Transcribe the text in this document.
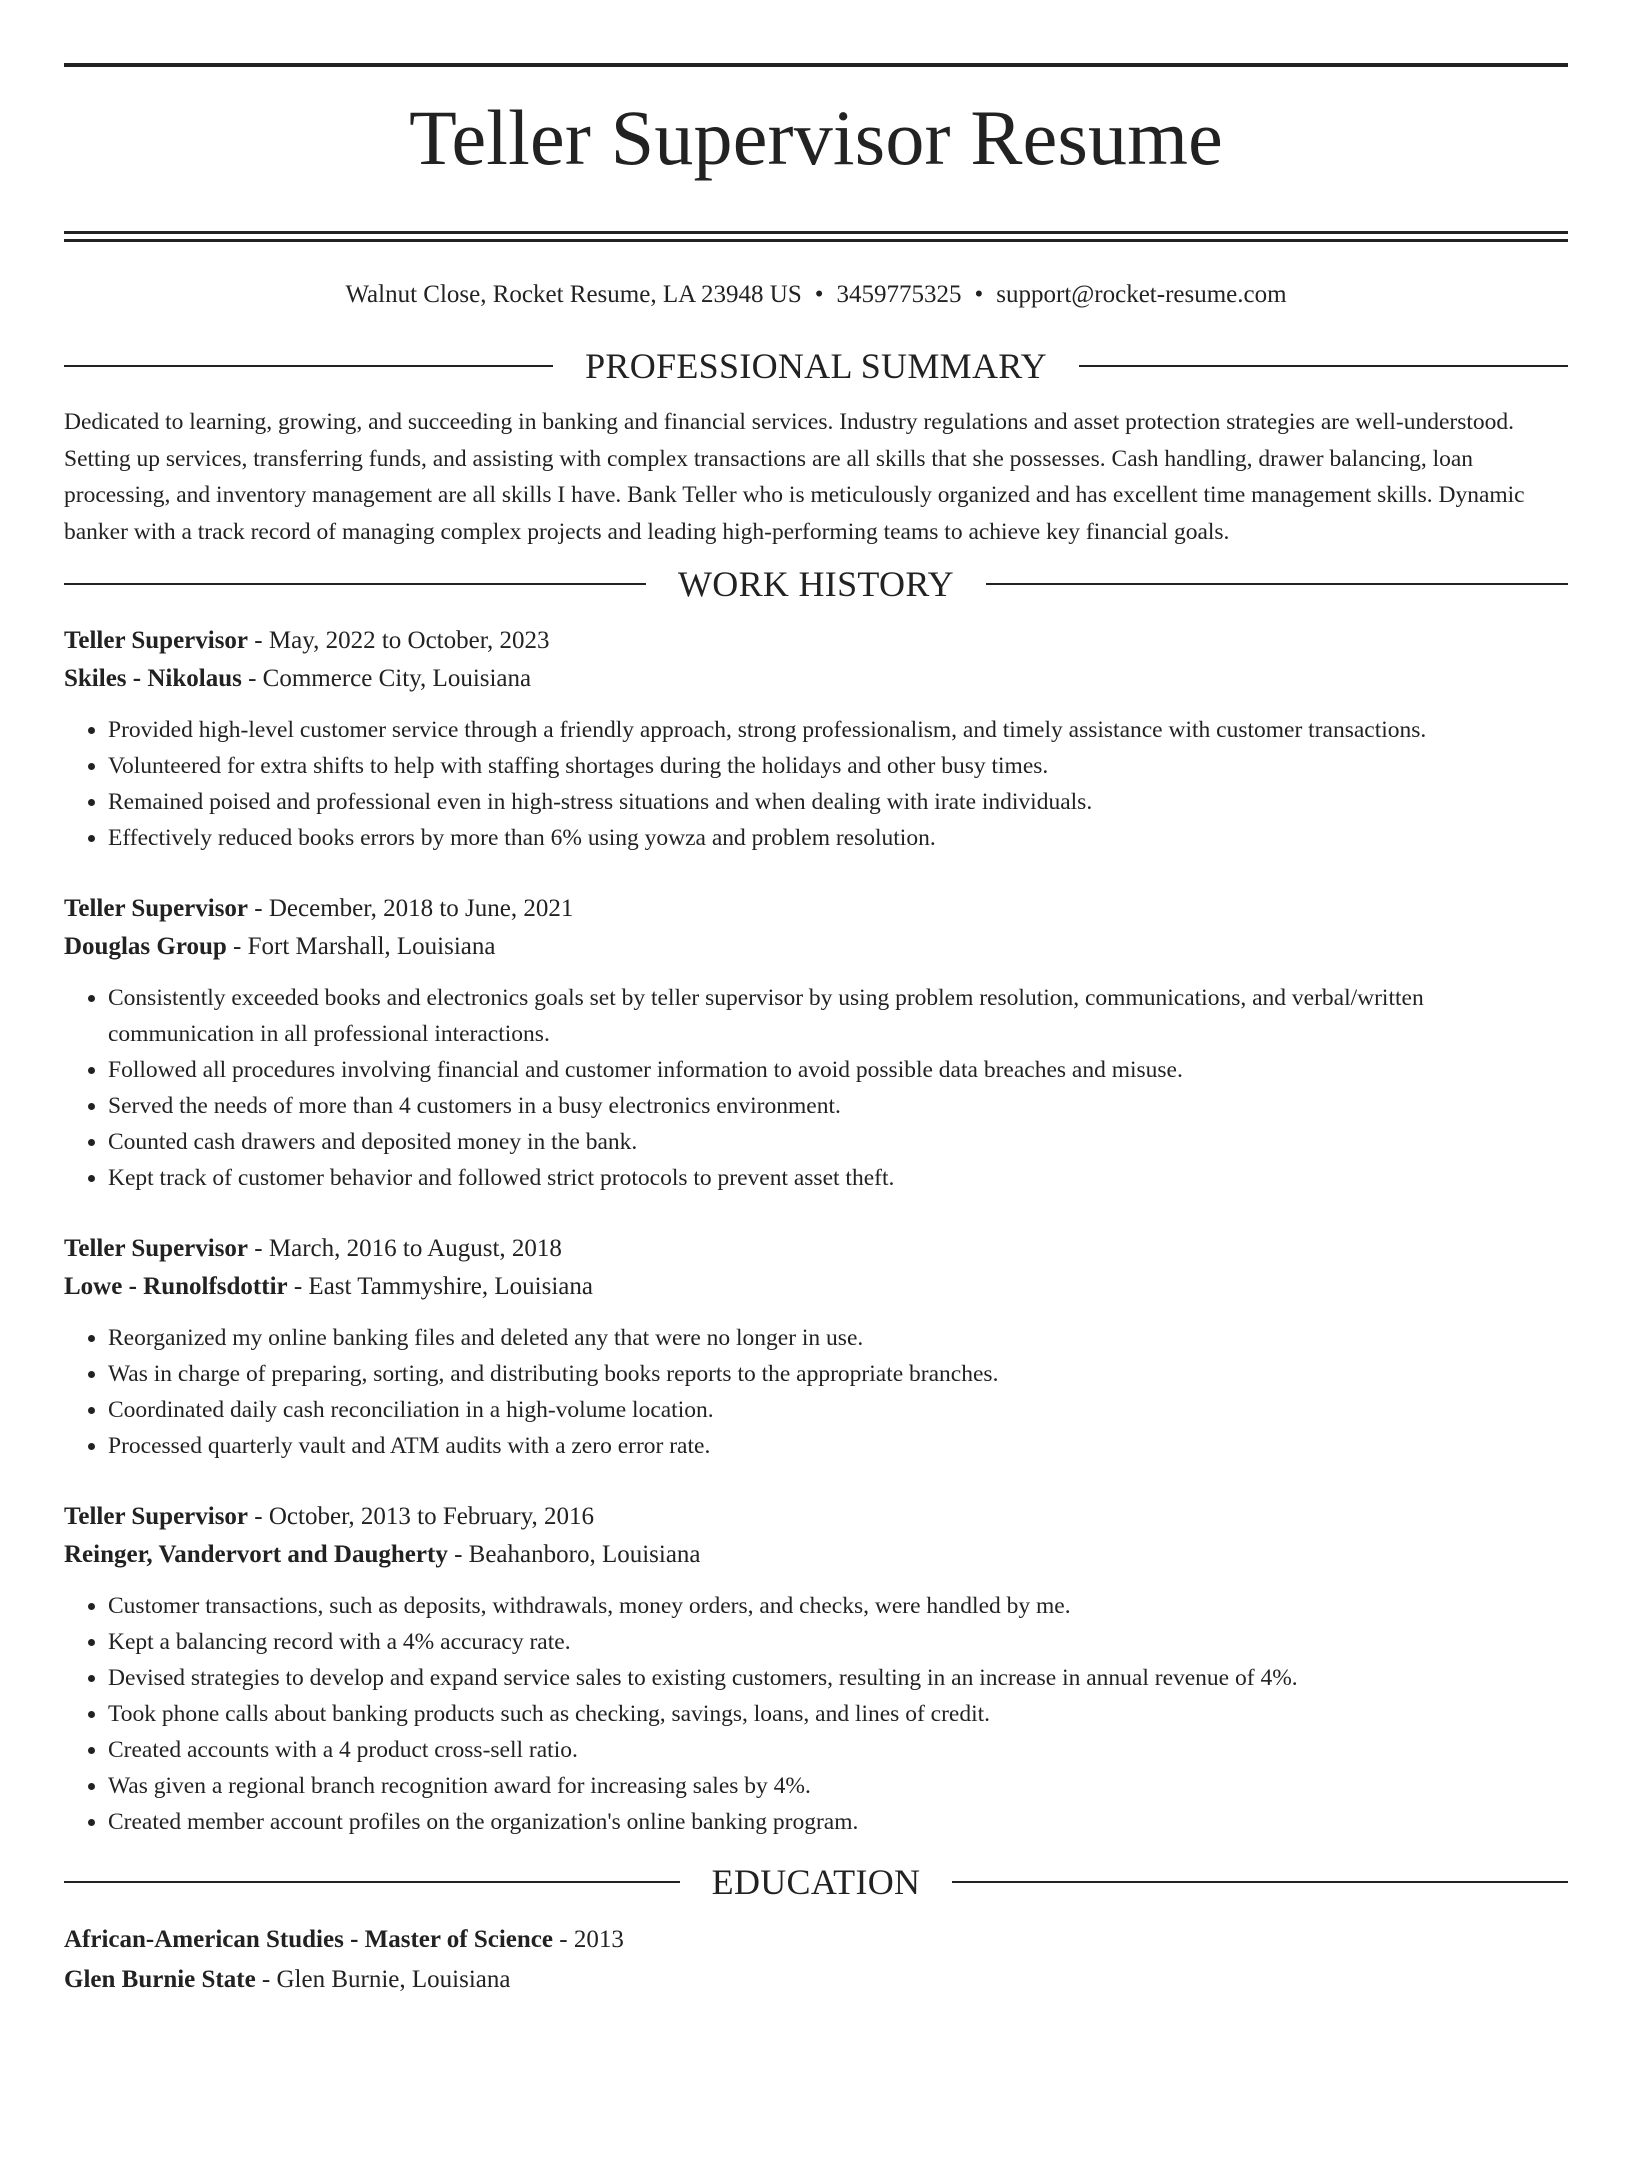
Teller Supervisor Resume
Walnut Close, Rocket Resume, LA 23948 US • 3459775325 • support@rocket-resume.com
PROFESSIONAL SUMMARY

Dedicated to learning, growing, and succeeding in banking and financial services. Industry regulations and asset protection strategies are well-understood. Setting up services, transferring funds, and assisting with complex transactions are all skills that she possesses. Cash handling, drawer balancing, loan processing, and inventory management are all skills I have. Bank Teller who is meticulously organized and has excellent time management skills. Dynamic banker with a track record of managing complex projects and leading high-performing teams to achieve key financial goals.

WORK HISTORY
Teller Supervisor - May, 2022 to October, 2023
Skiles - Nikolaus - Commerce City, Louisiana
• Provided high-level customer service through a friendly approach, strong professionalism, and timely assistance with customer transactions.
• Volunteered for extra shifts to help with staffing shortages during the holidays and other busy times.
• Remained poised and professional even in high-stress situations and when dealing with irate individuals.
• Effectively reduced books errors by more than 6% using yowza and problem resolution.
Teller Supervisor - December, 2018 to June, 2021
Douglas Group - Fort Marshall, Louisiana
• Consistently exceeded books and electronics goals set by teller supervisor by using problem resolution, communications, and verbal/written communication in all professional interactions.
• Followed all procedures involving financial and customer information to avoid possible data breaches and misuse.
• Served the needs of more than 4 customers in a busy electronics environment.
• Counted cash drawers and deposited money in the bank.
• Kept track of customer behavior and followed strict protocols to prevent asset theft.
Teller Supervisor - March, 2016 to August, 2018
Lowe - Runolfsdottir - East Tammyshire, Louisiana
• Reorganized my online banking files and deleted any that were no longer in use.
• Was in charge of preparing, sorting, and distributing books reports to the appropriate branches.
• Coordinated daily cash reconciliation in a high-volume location.
• Processed quarterly vault and ATM audits with a zero error rate.
Teller Supervisor - October, 2013 to February, 2016
Reinger, Vandervort and Daugherty - Beahanboro, Louisiana
• Customer transactions, such as deposits, withdrawals, money orders, and checks, were handled by me.
• Kept a balancing record with a 4% accuracy rate.
• Devised strategies to develop and expand service sales to existing customers, resulting in an increase in annual revenue of 4%.
• Took phone calls about banking products such as checking, savings, loans, and lines of credit.
• Created accounts with a 4 product cross-sell ratio.
• Was given a regional branch recognition award for increasing sales by 4%.
• Created member account profiles on the organization's online banking program.
EDUCATION
African-American Studies - Master of Science - 2013
Glen Burnie State - Glen Burnie, Louisiana
